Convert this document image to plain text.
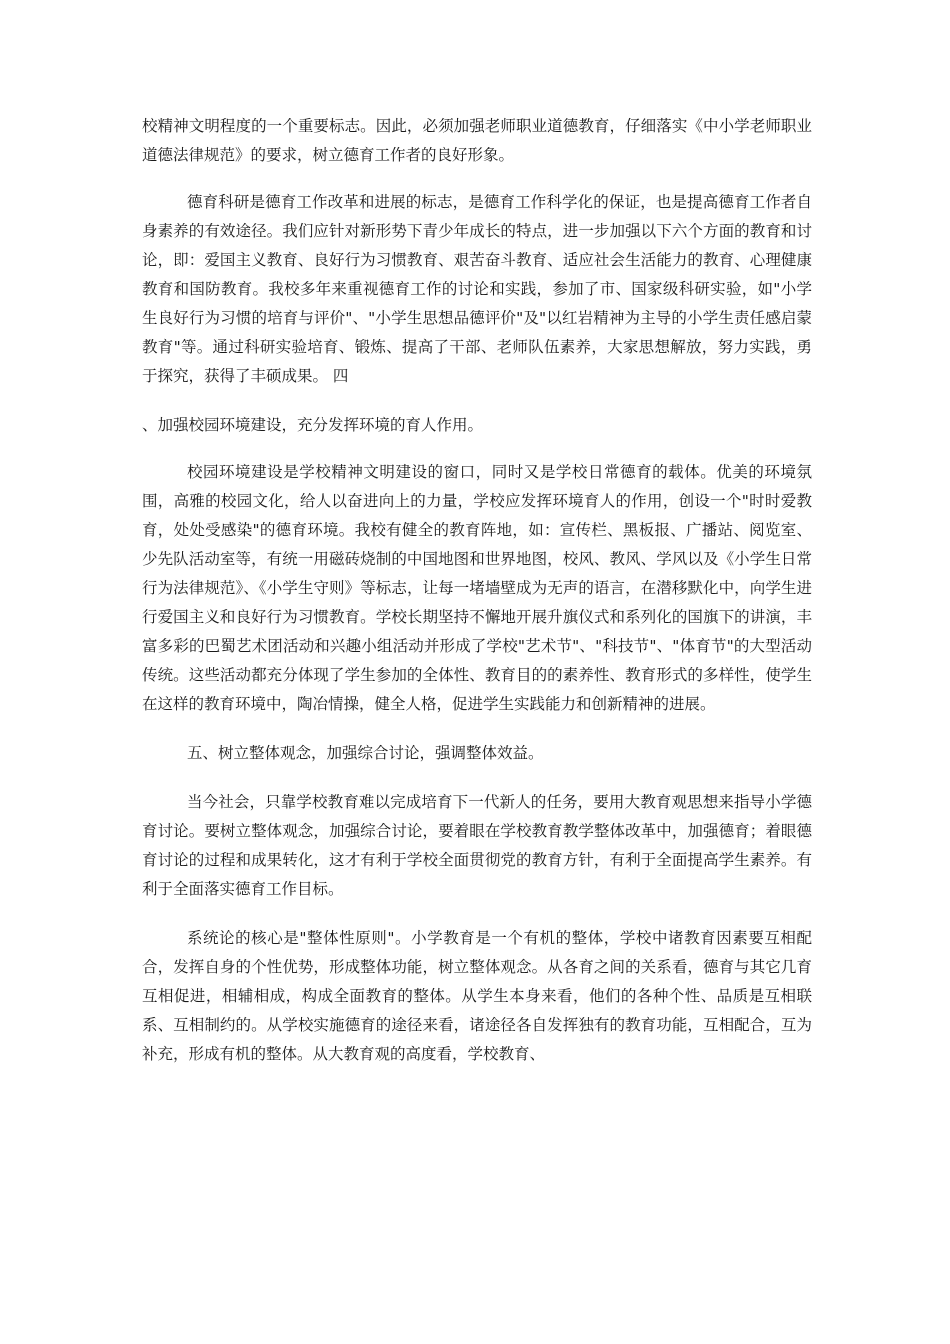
校精神文明程度的一个重要标志。因此，必须加强老师职业道德教育，仔细落实《中小学老师职业道德法律规范》的要求，树立德育工作者的良好形象。

德育科研是德育工作改革和进展的标志，是德育工作科学化的保证，也是提高德育工作者自身素养的有效途径。我们应针对新形势下青少年成长的特点，进一步加强以下六个方面的教育和讨论，即：爱国主义教育、良好行为习惯教育、艰苦奋斗教育、适应社会生活能力的教育、心理健康教育和国防教育。我校多年来重视德育工作的讨论和实践，参加了市、国家级科研实验，如"小学生良好行为习惯的培育与评价"、"小学生思想品德评价"及"以红岩精神为主导的小学生责任感启蒙教育"等。通过科研实验培育、锻炼、提高了干部、老师队伍素养，大家思想解放，努力实践，勇于探究，获得了丰硕成果。 四

、加强校园环境建设，充分发挥环境的育人作用。

校园环境建设是学校精神文明建设的窗口，同时又是学校日常德育的载体。优美的环境氛围，高雅的校园文化，给人以奋进向上的力量，学校应发挥环境育人的作用，创设一个"时时爱教育，处处受感染"的德育环境。我校有健全的教育阵地，如：宣传栏、黑板报、广播站、阅览室、少先队活动室等，有统一用磁砖烧制的中国地图和世界地图，校风、教风、学风以及《小学生日常行为法律规范》、《小学生守则》等标志，让每一堵墙壁成为无声的语言，在潜移默化中，向学生进行爱国主义和良好行为习惯教育。学校长期坚持不懈地开展升旗仪式和系列化的国旗下的讲演，丰富多彩的巴蜀艺术团活动和兴趣小组活动并形成了学校"艺术节"、"科技节"、"体育节"的大型活动传统。这些活动都充分体现了学生参加的全体性、教育目的的素养性、教育形式的多样性，使学生在这样的教育环境中，陶冶情操，健全人格，促进学生实践能力和创新精神的进展。

五、树立整体观念，加强综合讨论，强调整体效益。

当今社会，只靠学校教育难以完成培育下一代新人的任务，要用大教育观思想来指导小学德育讨论。要树立整体观念，加强综合讨论，要着眼在学校教育教学整体改革中，加强德育；着眼德育讨论的过程和成果转化，这才有利于学校全面贯彻党的教育方针，有利于全面提高学生素养。有利于全面落实德育工作目标。

系统论的核心是"整体性原则"。小学教育是一个有机的整体，学校中诸教育因素要互相配合，发挥自身的个性优势，形成整体功能，树立整体观念。从各育之间的关系看，德育与其它几育互相促进，相辅相成，构成全面教育的整体。从学生本身来看，他们的各种个性、品质是互相联系、互相制约的。从学校实施德育的途径来看，诸途径各自发挥独有的教育功能，互相配合，互为补充，形成有机的整体。从大教育观的高度看，学校教育、
